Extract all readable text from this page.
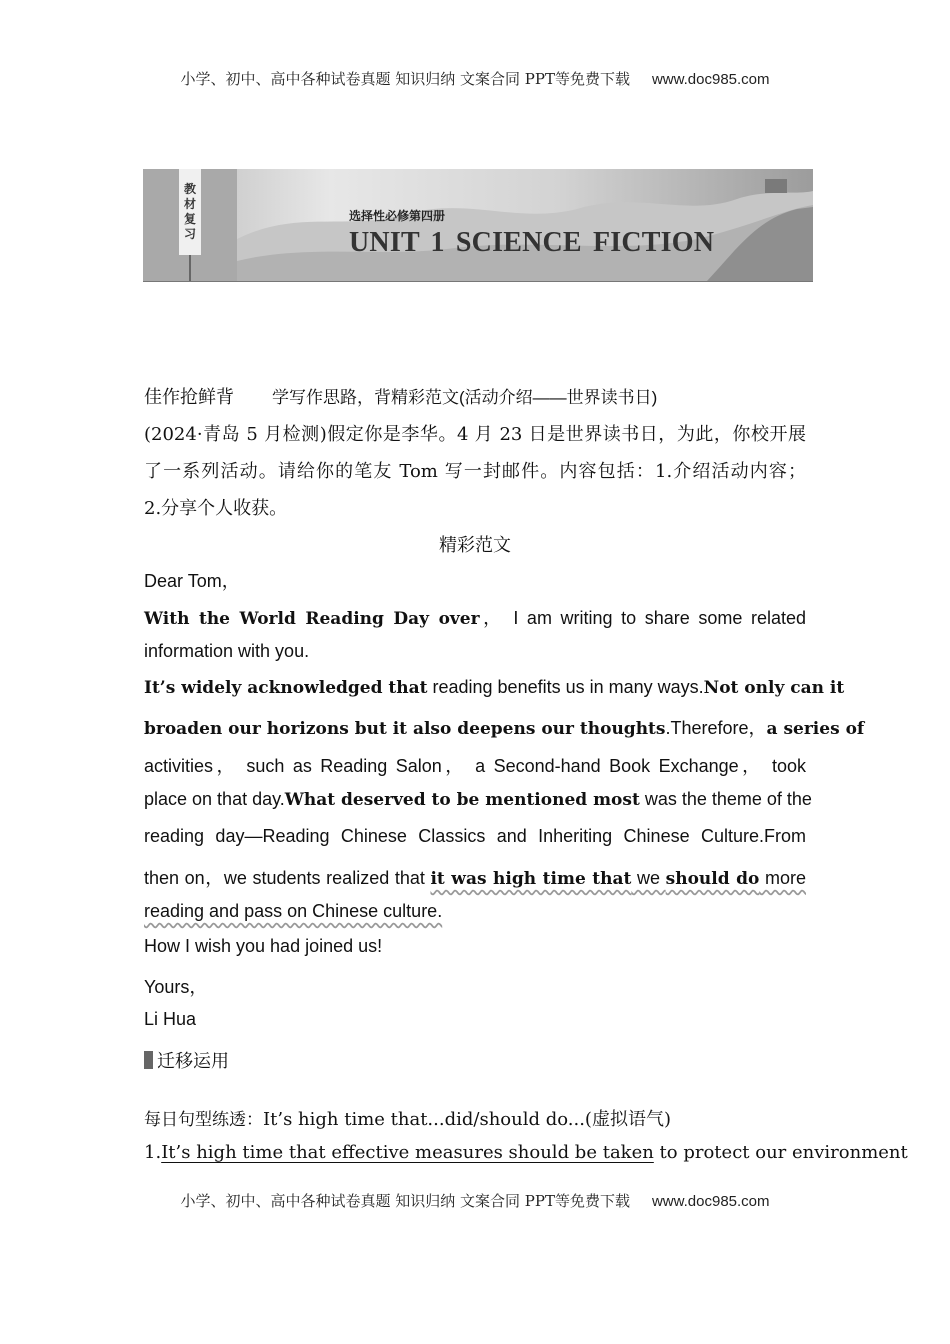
小学、初中、高中各种试卷真题 知识归纳 文案合同 PPT等免费下载 www.doc985.com
教
材
复
习
选择性必修第四册
UNIT 1 SCIENCE FICTION
佳作抢鲜背 学写作思路，背精彩范文(活动介绍——世界读书日)
(2024·青岛 5 月检测)假定你是李华。4 月 23 日是世界读书日，为此，你校开展
了一系列活动。请给你的笔友 Tom 写一封邮件。内容包括：1.介绍活动内容；
2.分享个人收获。
精彩范文
Dear Tom，
With the World Reading Day over， I am writing to share some related
information with you.
It’s widely acknowledged that reading benefits us in many ways.Not only can it
broaden our horizons but it also deepens our thoughts.Therefore，a series of
activities， such as Reading Salon， a Second-hand Book Exchange， took
place on that day.What deserved to be mentioned most was the theme of the
reading day—Reading Chinese Classics and Inheriting Chinese Culture.From
then on，we students realized that it was high time that we should do more
reading and pass on Chinese culture.
How I wish you had joined us!
Yours，
Li Hua
迁移运用
每日句型练透：It’s high time that...did/should do...(虚拟语气)
1.It’s high time that effective measures should be taken to protect our environment
小学、初中、高中各种试卷真题 知识归纳 文案合同 PPT等免费下载 www.doc985.com
